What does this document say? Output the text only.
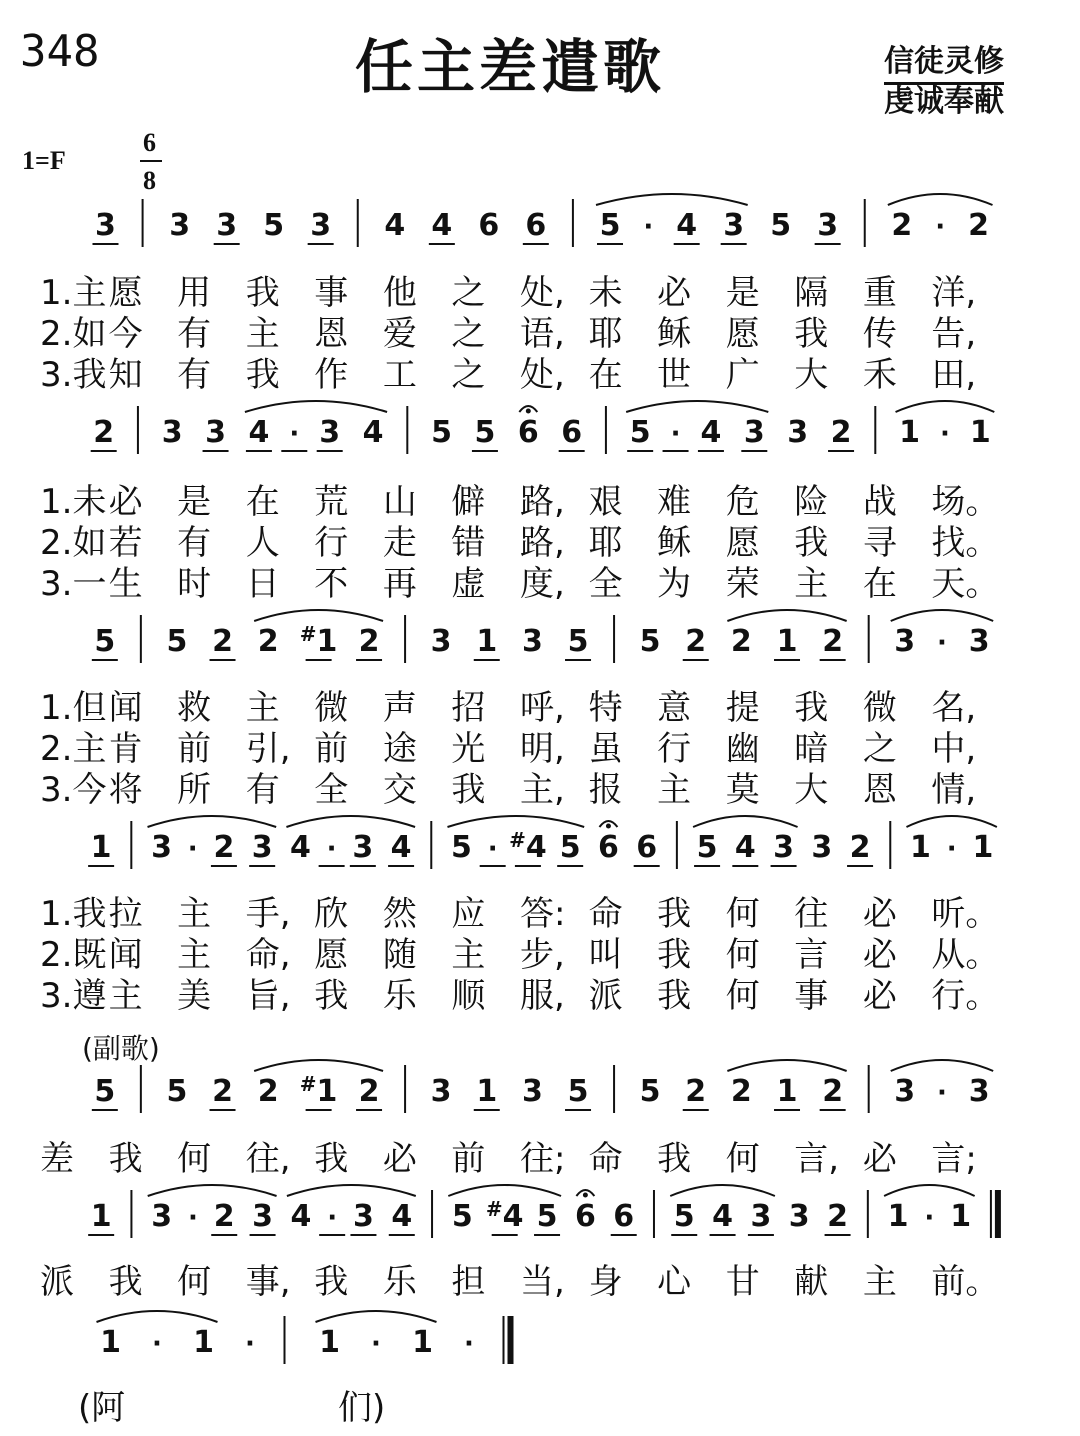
348	任主差遣歌	信徒灵修
虔诚奉献
1=F
6
8
3 3 3 5 3 4 4 6 6 5 · 4 3 5 3 2 · 2
1.主 愿 用 我 事 他 之 处, 未 必 是 隔 重 洋,
2.如 今 有 主 恩 爱 之 语, 耶 稣 愿 我 传 告,
3.我 知 有 我 作 工 之 处, 在 世 广 大 禾 田,
2 3 3 4 · 3 4 5 5 6 6 5 · 4 3 3 2 1 · 1
1.未 必 是 在 荒 山 僻 路, 艰 难 危 险 战 场。
2.如 若 有 人 行 走 错 路, 耶 稣 愿 我 寻 找。
3.一 生 时 日 不 再 虚 度, 全 为 荣 主 在 天。
5 5 2 2 #1 2 3 1 3 5 5 2 2 1 2 3 · 3
1.但 闻 救 主 微 声 招 呼, 特 意 提 我 微 名,
2.主 肯 前 引, 前 途 光 明, 虽 行 幽 暗 之 中,
3.今 将 所 有 全 交 我 主, 报 主 莫 大 恩 情,
1 3 · 2 3 4 · 3 4 5 · #4 5 6 6 5 4 3 3 2 1 · 1
1.我 拉 主 手, 欣 然 应 答: 命 我 何 往 必 听。
2.既 闻 主 命, 愿 随 主 步, 叫 我 何 言 必 从。
3.遵 主 美 旨, 我 乐 顺 服, 派 我 何 事 必 行。
5 5 2 2 #1 2 3 1 3 5 5 2 2 1 2 3 · 3
差 我 何 往, 我 必 前 往; 命 我 何 言, 必 言;
1 3 · 2 3 4 · 3 4 5 #4 5 6 6 5 4 3 3 2 1 · 1
派 我 何 事, 我 乐 担 当, 身 心 甘 献 主 前。
1 · 1 · 1 · 1 ·
(阿	们)
(副歌)
